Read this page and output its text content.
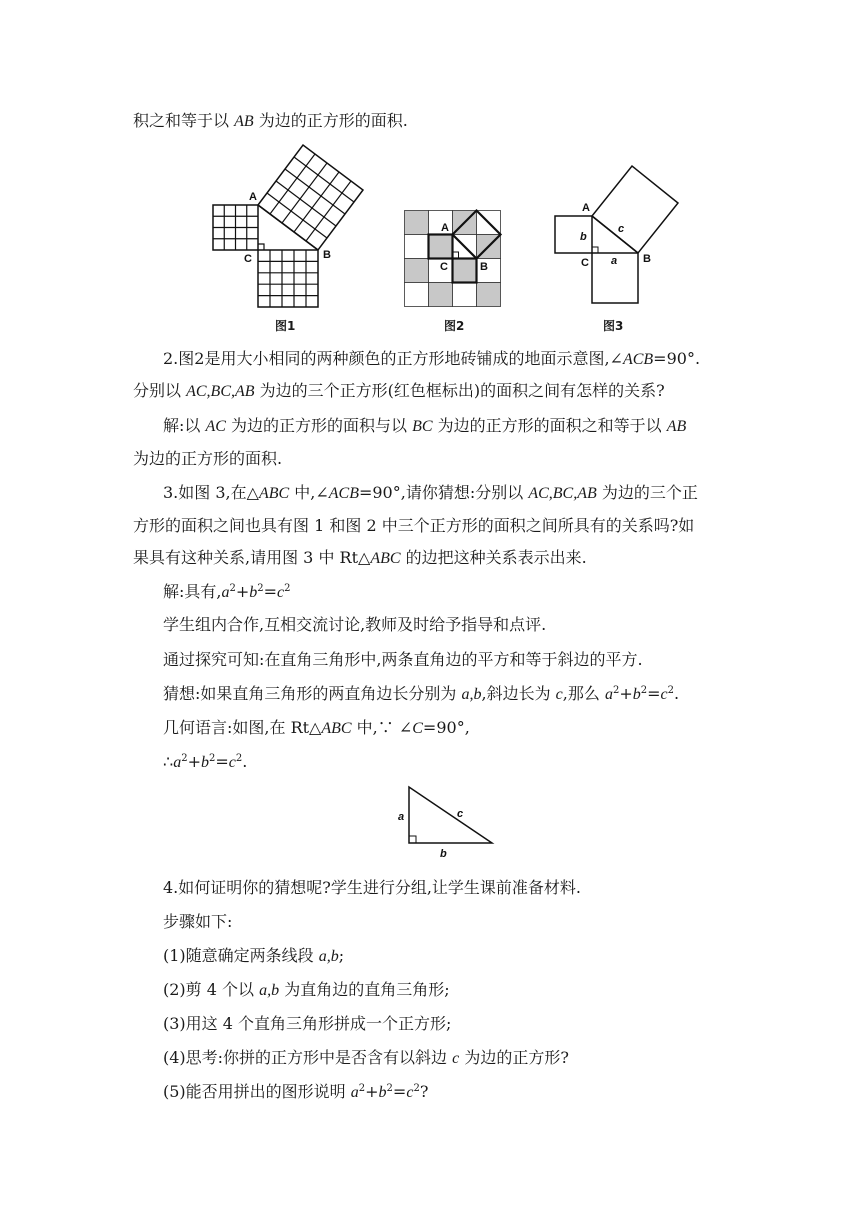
积之和等于以 AB 为边的正方形的面积.
A
C	B
A
C	B
A
C	B
b
a
c
图1	图2	图3
2.图2是用大小相同的两种颜色的正方形地砖铺成的地面示意图,∠ACB=90°.
分别以 AC,BC,AB 为边的三个正方形(红色框标出)的面积之间有怎样的关系?
解:以 AC 为边的正方形的面积与以 BC 为边的正方形的面积之和等于以 AB
为边的正方形的面积.
3.如图 3,在△ABC 中,∠ACB=90°,请你猜想:分别以 AC,BC,AB 为边的三个正
方形的面积之间也具有图 1 和图 2 中三个正方形的面积之间所具有的关系吗?如
果具有这种关系,请用图 3 中 Rt△ABC 的边把这种关系表示出来.
解:具有$,a^2+b^2=c^2$
学生组内合作,互相交流讨论,教师及时给予指导和点评.
通过探究可知:在直角三角形中,两条直角边的平方和等于斜边的平方.
猜想:如果直角三角形的两直角边长分别为 a,b,斜边长为 c,那么 $a^2+b^2=c^2$.
几何语言:如图,在 Rt△ABC 中,∵ ∠C=90°,
$\therefore a^2+b^2=c^2$.
a	c
b
4.如何证明你的猜想呢?学生进行分组,让学生课前准备材料.
步骤如下:
(1)随意确定两条线段 a,b;
(2)剪 4 个以 a,b 为直角边的直角三角形;
(3)用这 4 个直角三角形拼成一个正方形;
(4)思考:你拼的正方形中是否含有以斜边 c 为边的正方形?
(5)能否用拼出的图形说明 $a^2+b^2=c^2$?
